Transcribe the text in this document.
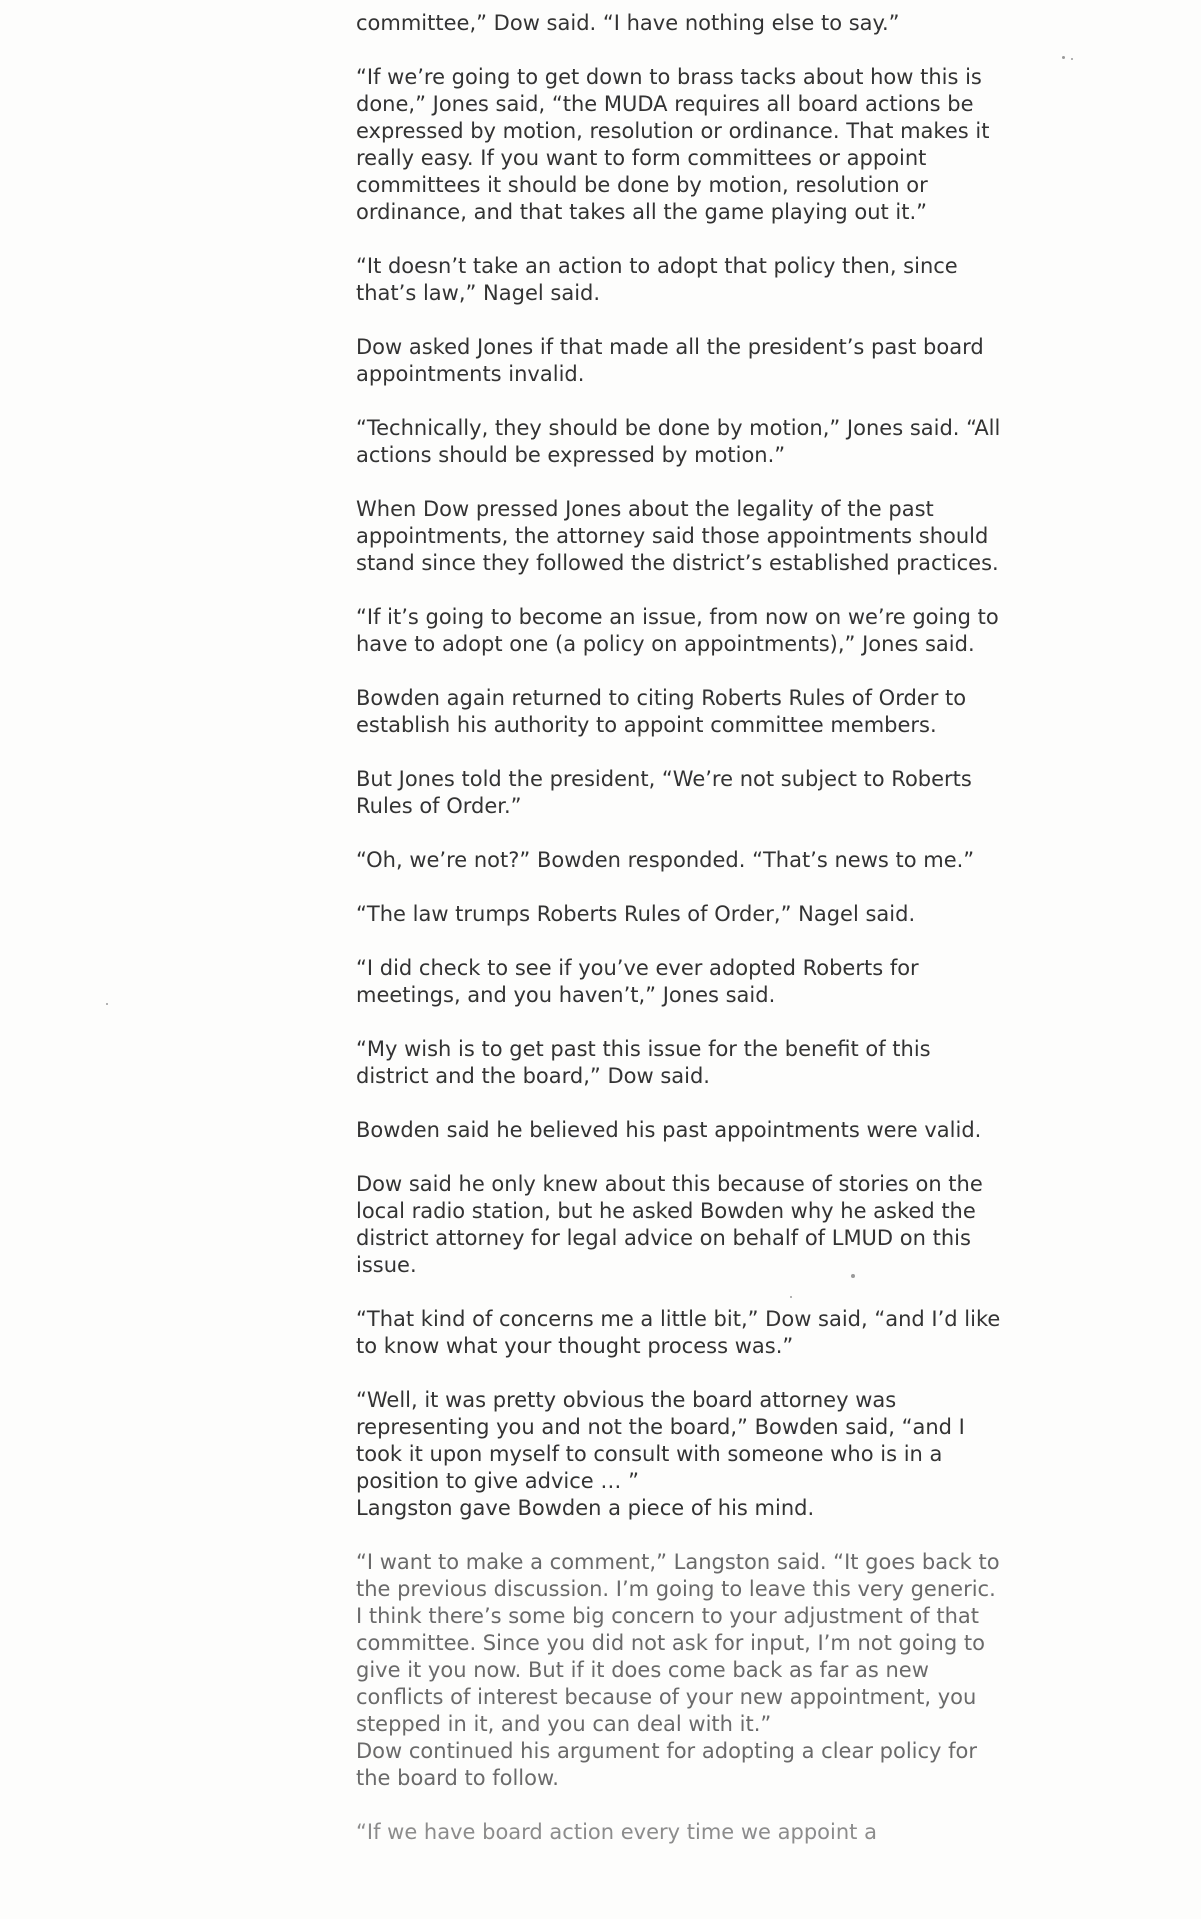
committee,” Dow said. “I have nothing else to say.”

“If we’re going to get down to brass tacks about how this is
done,” Jones said, “the MUDA requires all board actions be
expressed by motion, resolution or ordinance. That makes it
really easy. If you want to form committees or appoint
committees it should be done by motion, resolution or
ordinance, and that takes all the game playing out it.”

“It doesn’t take an action to adopt that policy then, since
that’s law,” Nagel said.

Dow asked Jones if that made all the president’s past board
appointments invalid.

“Technically, they should be done by motion,” Jones said. “All
actions should be expressed by motion.”

When Dow pressed Jones about the legality of the past
appointments, the attorney said those appointments should
stand since they followed the district’s established practices.

“If it’s going to become an issue, from now on we’re going to
have to adopt one (a policy on appointments),” Jones said.

Bowden again returned to citing Roberts Rules of Order to
establish his authority to appoint committee members.

But Jones told the president, “We’re not subject to Roberts
Rules of Order.”

“Oh, we’re not?” Bowden responded. “That’s news to me.”

“The law trumps Roberts Rules of Order,” Nagel said.

“I did check to see if you’ve ever adopted Roberts for
meetings, and you haven’t,” Jones said.

“My wish is to get past this issue for the benefit of this
district and the board,” Dow said.

Bowden said he believed his past appointments were valid.

Dow said he only knew about this because of stories on the
local radio station, but he asked Bowden why he asked the
district attorney for legal advice on behalf of LMUD on this
issue.

“That kind of concerns me a little bit,” Dow said, “and I’d like
to know what your thought process was.”

“Well, it was pretty obvious the board attorney was
representing you and not the board,” Bowden said, “and I
took it upon myself to consult with someone who is in a
position to give advice … ”

Langston gave Bowden a piece of his mind.

“I want to make a comment,” Langston said. “It goes back to
the previous discussion. I’m going to leave this very generic.
I think there’s some big concern to your adjustment of that
committee. Since you did not ask for input, I’m not going to
give it you now. But if it does come back as far as new
conflicts of interest because of your new appointment, you
stepped in it, and you can deal with it.”

Dow continued his argument for adopting a clear policy for
the board to follow.

“If we have board action every time we appoint a
